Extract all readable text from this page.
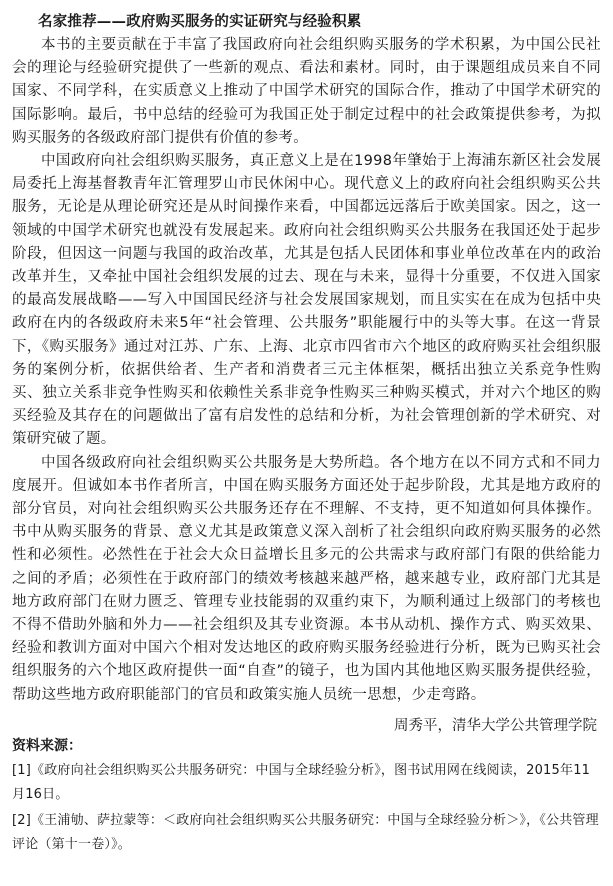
名家推荐——政府购买服务的实证研究与经验积累

本书的主要贡献在于丰富了我国政府向社会组织购买服务的学术积累，为中国公民社会的理论与经验研究提供了一些新的观点、看法和素材。同时，由于课题组成员来自不同国家、不同学科，在实质意义上推动了中国学术研究的国际合作，推动了中国学术研究的国际影响。最后，书中总结的经验可为我国正处于制定过程中的社会政策提供参考，为拟购买服务的各级政府部门提供有价值的参考。

中国政府向社会组织购买服务，真正意义上是在1998年肇始于上海浦东新区社会发展局委托上海基督教青年汇管理罗山市民休闲中心。现代意义上的政府向社会组织购买公共服务，无论是从理论研究还是从时间操作来看，中国都远远落后于欧美国家。因之，这一领域的中国学术研究也就没有发展起来。政府向社会组织购买公共服务在我国还处于起步阶段，但因这一问题与我国的政治改革，尤其是包括人民团体和事业单位改革在内的政治改革并生，又牵扯中国社会组织发展的过去、现在与未来，显得十分重要，不仅进入国家的最高发展战略——写入中国国民经济与社会发展国家规划，而且实实在在成为包括中央政府在内的各级政府未来5年“社会管理、公共服务”职能履行中的头等大事。在这一背景下，《购买服务》通过对江苏、广东、上海、北京市四省市六个地区的政府购买社会组织服务的案例分析，依据供给者、生产者和消费者三元主体框架，概括出独立关系竞争性购买、独立关系非竞争性购买和依赖性关系非竞争性购买三种购买模式，并对六个地区的购买经验及其存在的问题做出了富有启发性的总结和分析，为社会管理创新的学术研究、对策研究破了题。

中国各级政府向社会组织购买公共服务是大势所趋。各个地方在以不同方式和不同力度展开。但诚如本书作者所言，中国在购买服务方面还处于起步阶段，尤其是地方政府的部分官员，对向社会组织购买公共服务还存在不理解、不支持，更不知道如何具体操作。书中从购买服务的背景、意义尤其是政策意义深入剖析了社会组织向政府购买服务的必然性和必须性。必然性在于社会大众日益增长且多元的公共需求与政府部门有限的供给能力之间的矛盾；必须性在于政府部门的绩效考核越来越严格，越来越专业，政府部门尤其是地方政府部门在财力匮乏、管理专业技能弱的双重约束下，为顺利通过上级部门的考核也不得不借助外脑和外力——社会组织及其专业资源。本书从动机、操作方式、购买效果、经验和教训方面对中国六个相对发达地区的政府购买服务经验进行分析，既为已购买社会组织服务的六个地区政府提供一面“自查”的镜子，也为国内其他地区购买服务提供经验，帮助这些地方政府职能部门的官员和政策实施人员统一思想，少走弯路。

周秀平，清华大学公共管理学院
资料来源：
[1]《政府向社会组织购买公共服务研究：中国与全球经验分析》，图书试用网在线阅读，2015年11月16日。
[2]《王浦劬、萨拉蒙等：＜政府向社会组织购买公共服务研究：中国与全球经验分析＞》，《公共管理评论（第十一卷）》。
